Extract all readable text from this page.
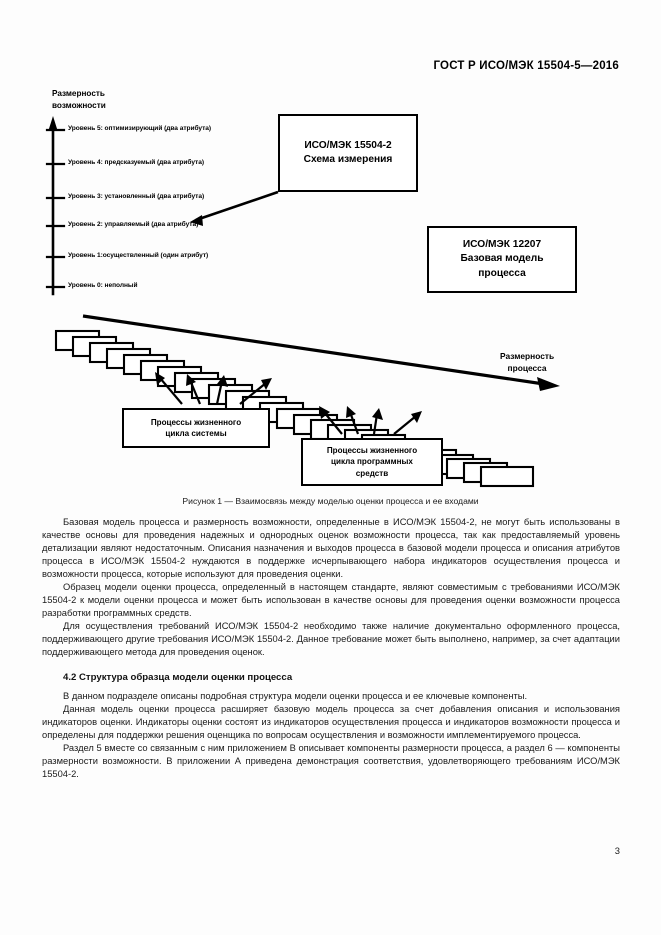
ГОСТ Р ИСО/МЭК 15504-5—2016
Размерность
возможности
Уровень 5: оптимизирующий (два атрибута)
Уровень 4: предсказуемый (два атрибута)
Уровень 3: установленный (два атрибута)
Уровень 2: управляемый (два атрибута)
Уровень 1:осуществленный (один атрибут)
Уровень 0: неполный
Размерность
процесса
ИСО/МЭК 15504-2
Схема измерения
ИСО/МЭК 12207
Базовая модель
процесса
Процессы жизненного
цикла системы
Процессы жизненного
цикла программных
средств
Рисунок 1 — Взаимосвязь между моделью оценки процесса и ее входами

Базовая модель процесса и размерность возможности, определенные в ИСО/МЭК 15504-2, не могут быть использованы в качестве основы для проведения надежных и однородных оценок возможности процесса, так как предоставляемый уровень детализации являют недостаточным. Описания назначения и выходов процесса в базовой модели процесса и описания атрибутов процесса в ИСО/МЭК 15504-2 нуждаются в поддержке исчерпывающего набора индикаторов осуществления процесса и возможности процесса, которые используют для проведения оценки.

Образец модели оценки процесса, определенный в настоящем стандарте, являют совместимым с требованиями ИСО/МЭК 15504-2 к модели оценки процесса и может быть использован в качестве основы для проведения оценки возможности процесса разработки программных средств.

Для осуществления требований ИСО/МЭК 15504-2 необходимо также наличие документально оформленного процесса, поддерживающего другие требования ИСО/МЭК 15504-2. Данное требование может быть выполнено, например, за счет адаптации поддерживающего метода для проведения оценок.

4.2 Структура образца модели оценки процесса

В данном подразделе описаны подробная структура модели оценки процесса и ее ключевые компоненты.

Данная модель оценки процесса расширяет базовую модель процесса за счет добавления описания и использования индикаторов оценки. Индикаторы оценки состоят из индикаторов осуществления процесса и индикаторов возможности процесса и определены для поддержки решения оценщика по вопросам осуществления и возможности имплементируемого процесса.

Раздел 5 вместе со связанным с ним приложением В описывает компоненты размерности процесса, а раздел 6 — компоненты размерности возможности. В приложении А приведена демонстрация соответствия, удовлетворяющего требованиям ИСО/МЭК 15504-2.

3
